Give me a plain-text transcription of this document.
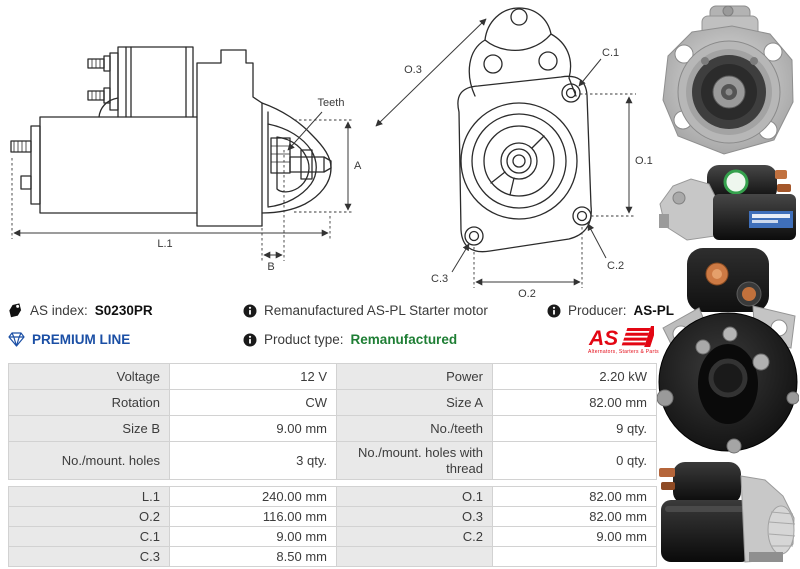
A
L.1
B
Teeth
O.3
O.1
O.2
C.1
C.2
C.3
AS index: S0230PR	Remanufactured AS-PL Starter motor	Producer: AS-PL
PREMIUM LINE	Product type: Remanufactured	AS
Alternators, Starters & Parts
Voltage	12 V	Power	2.20 kW
Rotation	CW	Size A	82.00 mm
Size B	9.00 mm	No./teeth	9 qty.
No./mount. holes	3 qty.	No./mount. holes with thread	0 qty.
L.1	240.00 mm	O.1	82.00 mm
O.2	116.00 mm	O.3	82.00 mm
C.1	9.00 mm	C.2	9.00 mm
C.3	8.50 mm		
